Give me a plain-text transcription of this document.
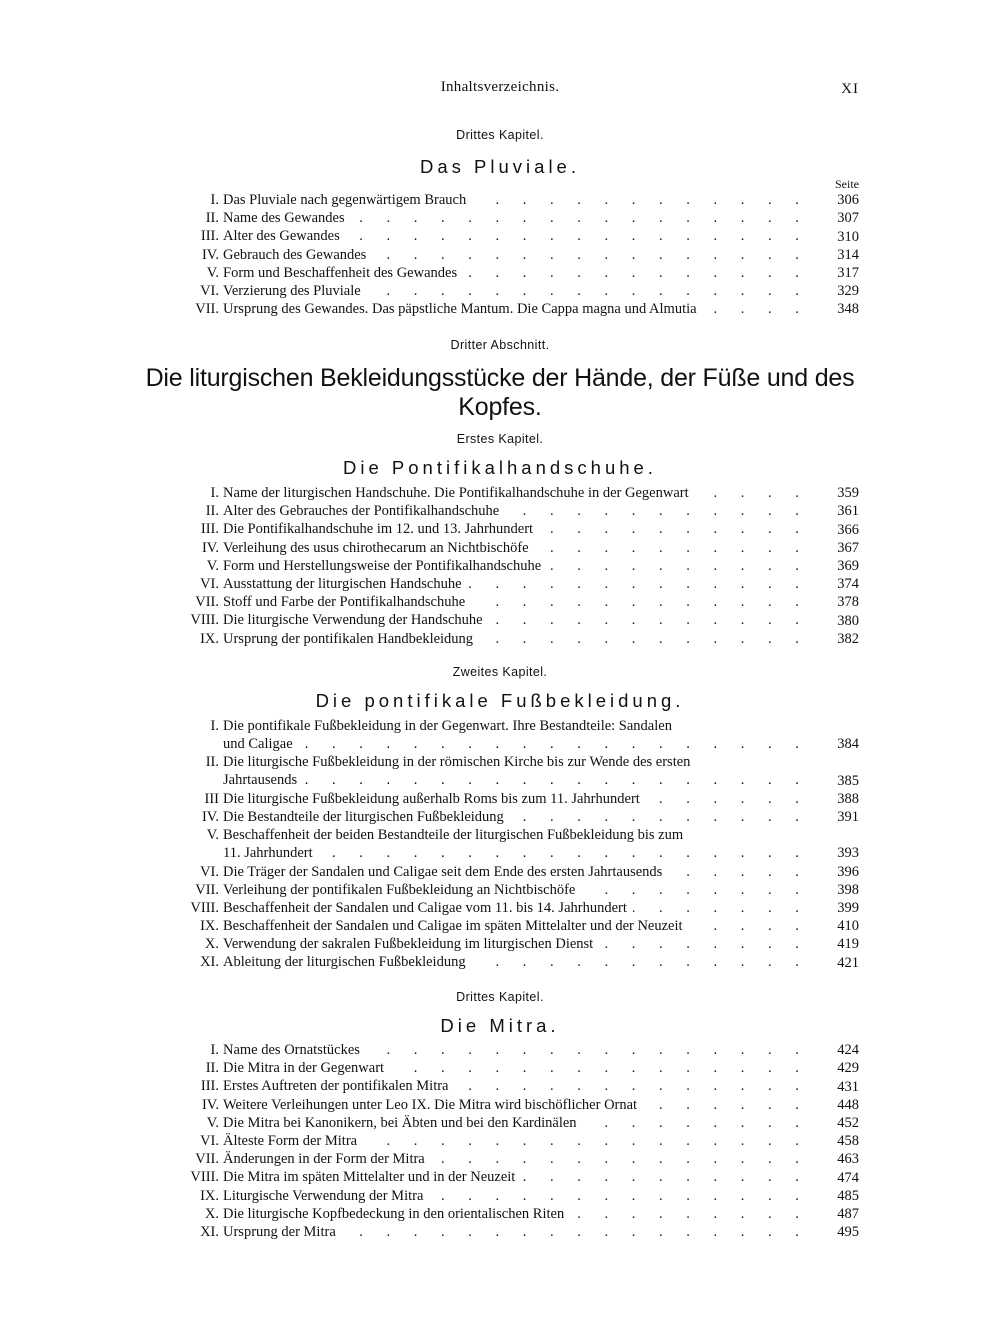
Inhaltsverzeichnis.	XI
Drittes Kapitel.
Das Pluviale.
Seite
I. Das Pluviale nach gegenwärtigem Brauch . . .	306
II. Name des Gewandes . . .	307
III. Alter des Gewandes . . .	310
IV. Gebrauch des Gewandes . . .	314
V. Form und Beschaffenheit des Gewandes . . .	317
VI. Verzierung des Pluviale . . .	329
VII. Ursprung des Gewandes. Das päpstliche Mantum. Die Cappa magna und Almutia . . .	348
Dritter Abschnitt.
Die liturgischen Bekleidungsstücke der Hände, der Füße und des Kopfes.
Erstes Kapitel.
Die Pontifikalhandschuhe.
I. Name der liturgischen Handschuhe. Die Pontifikalhandschuhe in der Gegenwart . . .	359
II. Alter des Gebrauches der Pontifikalhandschuhe . . .	361
III. Die Pontifikalhandschuhe im 12. und 13. Jahrhundert . . .	366
IV. Verleihung des usus chirothecarum an Nichtbischöfe . . .	367
V. Form und Herstellungsweise der Pontifikalhandschuhe . . .	369
VI. Ausstattung der liturgischen Handschuhe . . .	374
VII. Stoff und Farbe der Pontifikalhandschuhe . . .	378
VIII. Die liturgische Verwendung der Handschuhe . . .	380
IX. Ursprung der pontifikalen Handbekleidung . . .	382
Zweites Kapitel.
Die pontifikale Fußbekleidung.
I. Die pontifikale Fußbekleidung in der Gegenwart. Ihre Bestandteile: Sandalen
und Caligae . . .	384
II. Die liturgische Fußbekleidung in der römischen Kirche bis zur Wende des ersten
Jahrtausends . . .	385
III Die liturgische Fußbekleidung außerhalb Roms bis zum 11. Jahrhundert . . .	388
IV. Die Bestandteile der liturgischen Fußbekleidung . . .	391
V. Beschaffenheit der beiden Bestandteile der liturgischen Fußbekleidung bis zum
11. Jahrhundert . . .	393
VI. Die Träger der Sandalen und Caligae seit dem Ende des ersten Jahrtausends . . .	396
VII. Verleihung der pontifikalen Fußbekleidung an Nichtbischöfe . . .	398
VIII. Beschaffenheit der Sandalen und Caligae vom 11. bis 14. Jahrhundert . . .	399
IX. Beschaffenheit der Sandalen und Caligae im späten Mittelalter und der Neuzeit . . .	410
X. Verwendung der sakralen Fußbekleidung im liturgischen Dienst . . .	419
XI. Ableitung der liturgischen Fußbekleidung . . .	421
Drittes Kapitel.
Die Mitra.
I. Name des Ornatstückes . . .	424
II. Die Mitra in der Gegenwart . . .	429
III. Erstes Auftreten der pontifikalen Mitra . . .	431
IV. Weitere Verleihungen unter Leo IX. Die Mitra wird bischöflicher Ornat . . .	448
V. Die Mitra bei Kanonikern, bei Äbten und bei den Kardinälen . . .	452
VI. Älteste Form der Mitra . . .	458
VII. Änderungen in der Form der Mitra . . .	463
VIII. Die Mitra im späten Mittelalter und in der Neuzeit . . .	474
IX. Liturgische Verwendung der Mitra . . .	485
X. Die liturgische Kopfbedeckung in den orientalischen Riten . . .	487
XI. Ursprung der Mitra . . .	495
